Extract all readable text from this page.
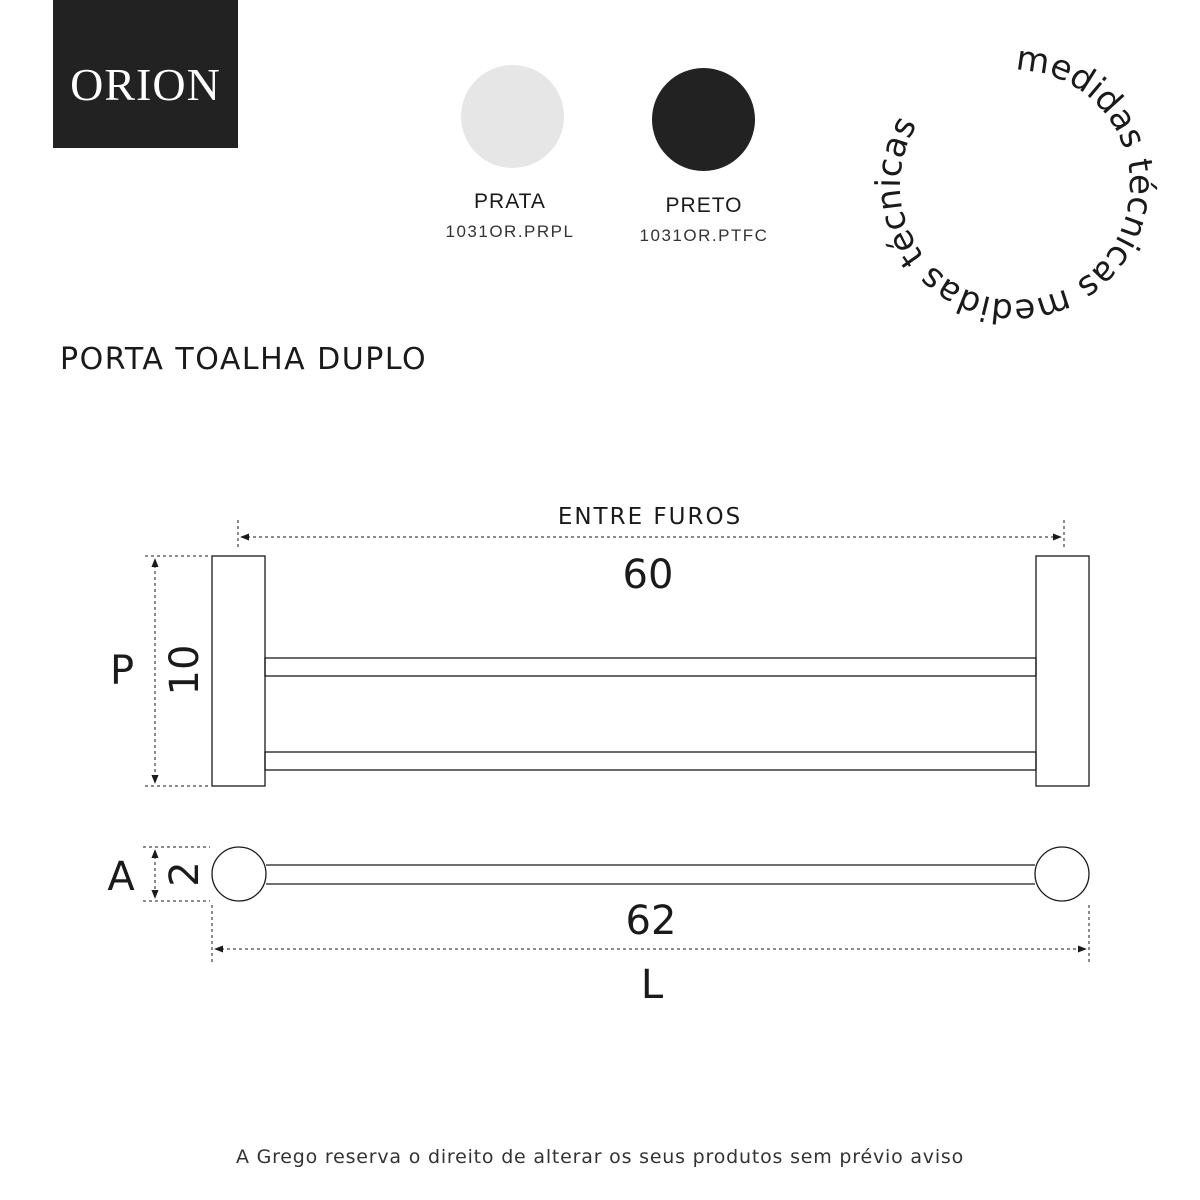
ORION
PRATA
1031OR.PRPL
PRETO
1031OR.PTFC
medidas técnicas medidas técnicas
ENTRE FUROS
60
P 10
A 2
62
L
PORTA TOALHA DUPLO
A Grego reserva o direito de alterar os seus produtos sem prévio aviso
